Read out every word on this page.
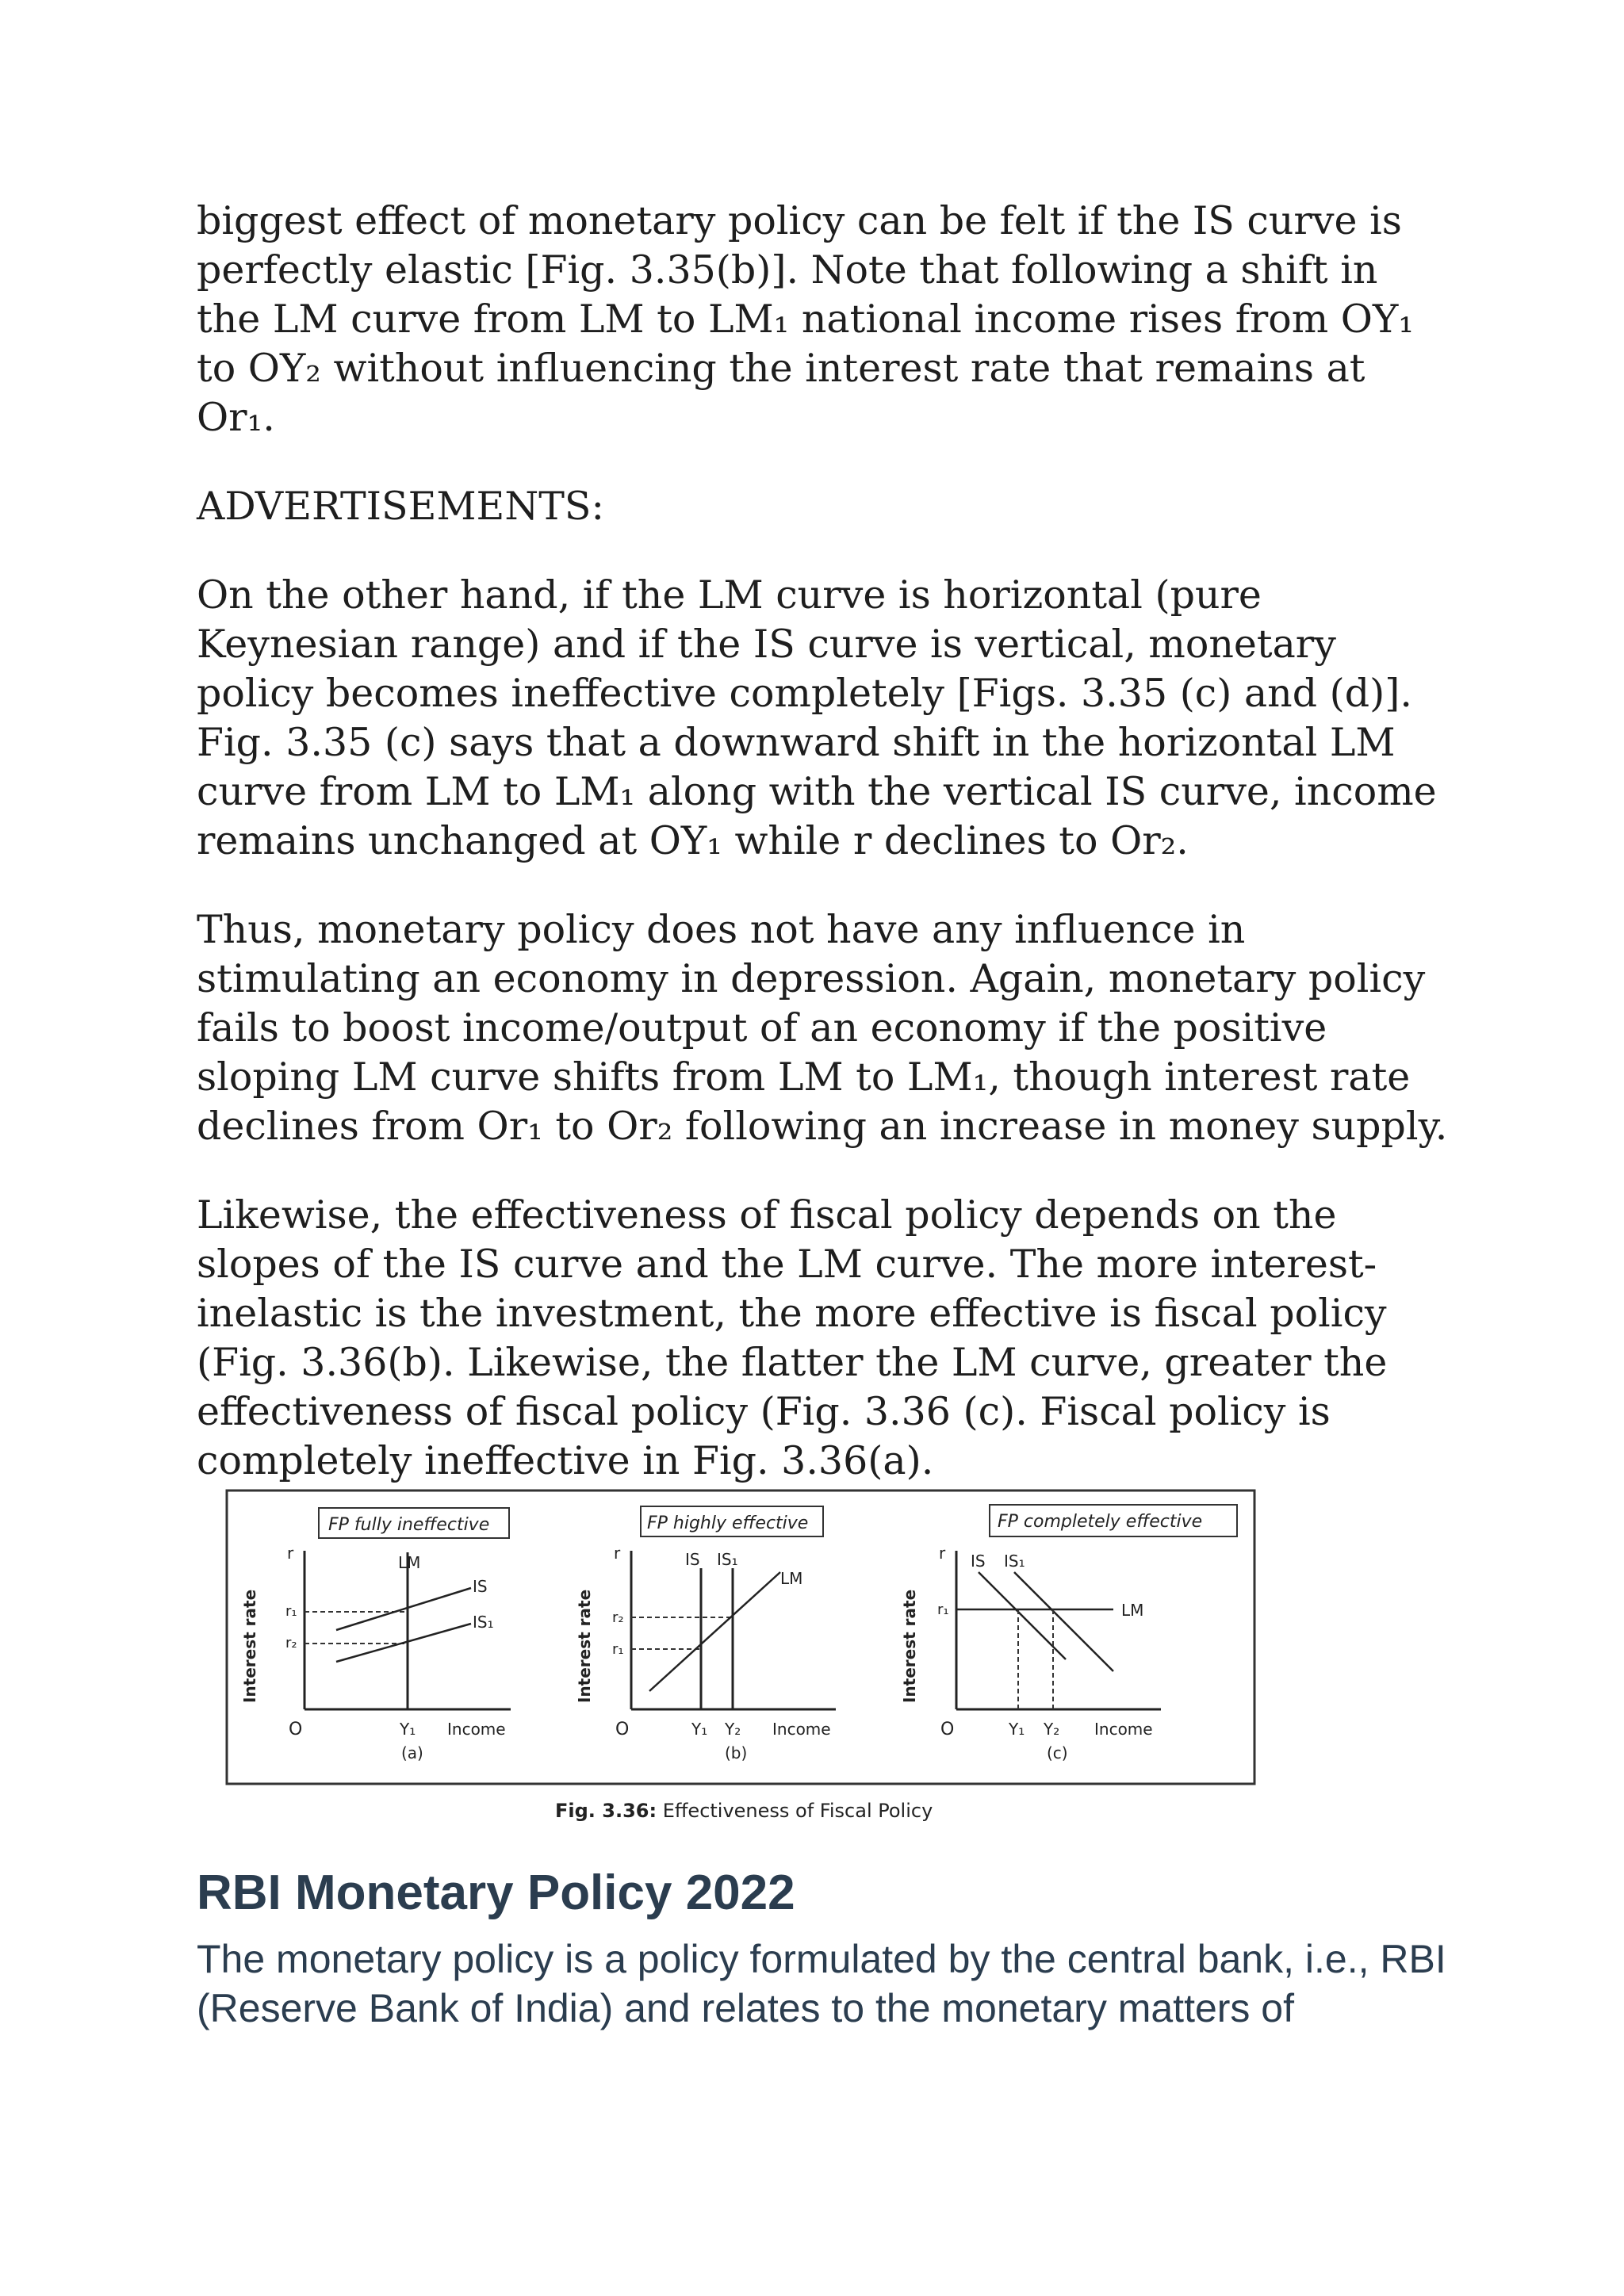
biggest effect of monetary policy can be felt if the IS curve is perfectly elastic [Fig. 3.35(b)]. Note that following a shift in the LM curve from LM to LM₁ national income rises from OY₁ to OY₂ without influencing the interest rate that remains at Or₁.

ADVERTISEMENTS:

On the other hand, if the LM curve is horizontal (pure Keynesian range) and if the IS curve is vertical, monetary policy becomes ineffective completely [Figs. 3.35 (c) and (d)]. Fig. 3.35 (c) says that a downward shift in the horizontal LM curve from LM to LM₁ along with the vertical IS curve, income remains unchanged at OY₁ while r declines to Or₂.

Thus, monetary policy does not have any influence in stimulating an economy in depression. Again, monetary policy fails to boost income/output of an economy if the positive sloping LM curve shifts from LM to LM₁, though interest rate declines from Or₁ to Or₂ following an increase in money supply.

Likewise, the effectiveness of fiscal policy depends on the slopes of the IS curve and the LM curve. The more interest-inelastic is the investment, the more effective is fiscal policy (Fig. 3.36(b). Likewise, the flatter the LM curve, greater the effectiveness of fiscal policy (Fig. 3.36 (c). Fiscal policy is completely ineffective in Fig. 3.36(a).

FP fully ineffective
r
Interest rate
O
r₁
r₂
LM
IS
IS₁
Y₁ Income
(a)
FP highly effective
r
Interest rate
O
r₂
r₁
IS IS₁
LM
Y₁ Y₂ Income
(b)
FP completely effective
r
Interest rate
O
r₁	LM
IS IS₁
Y₁ Y₂ Income
(c)
Fig. 3.36: Effectiveness of Fiscal Policy
RBI Monetary Policy 2022

The monetary policy is a policy formulated by the central bank, i.e., RBI (Reserve Bank of India) and relates to the monetary matters of
